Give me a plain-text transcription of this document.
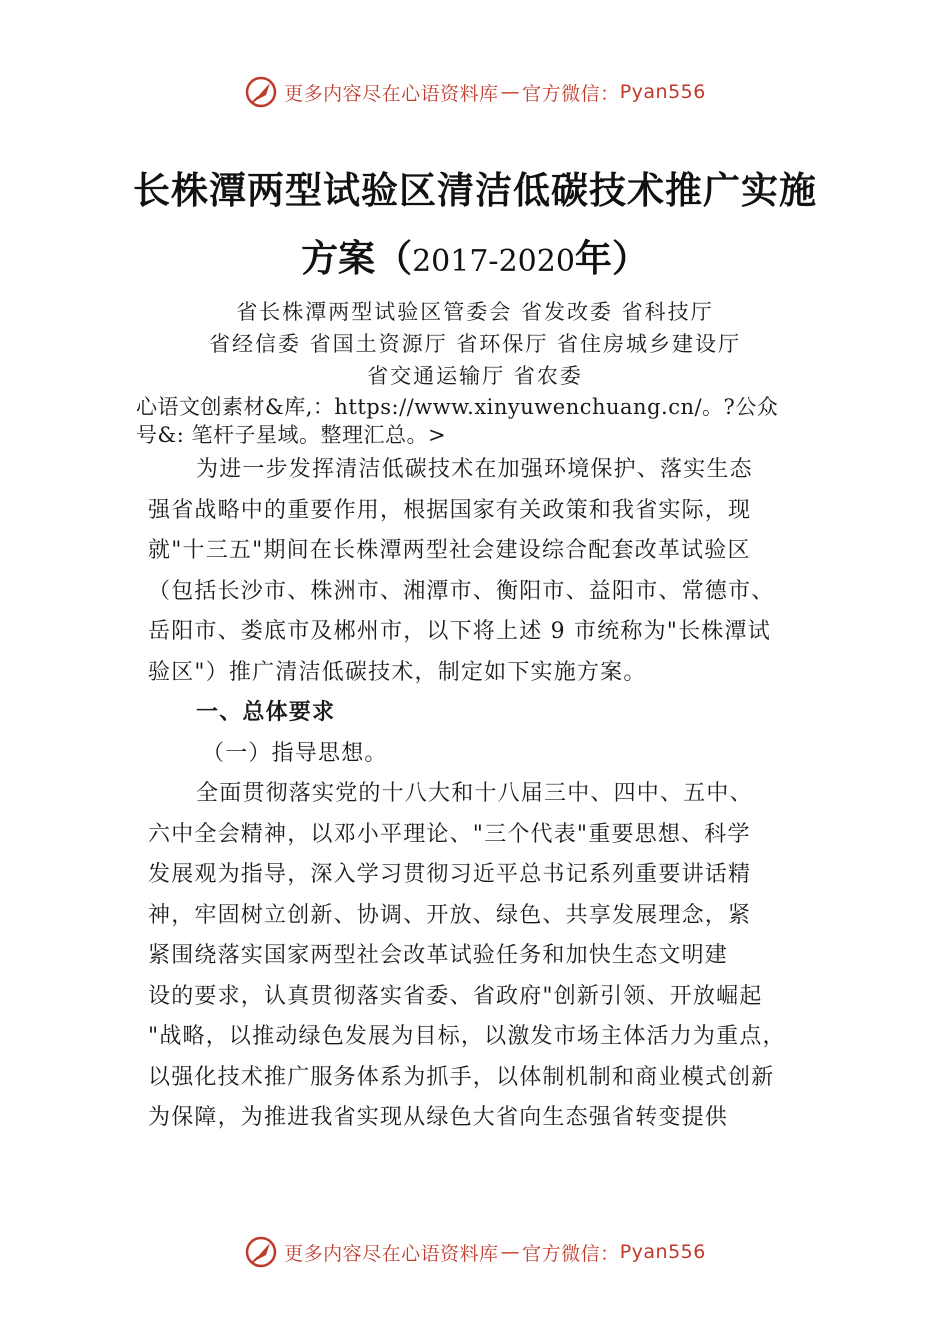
更多内容尽在心语资料库 — 官方微信： Pyan556
长株潭两型试验区清洁低碳技术推广实施
方案（2017-2020年）
省长株潭两型试验区管委会 省发改委 省科技厅
省经信委 省国土资源厅 省环保厅 省住房城乡建设厅
省交通运输厅 省农委
心语文创素材&库,：https://www.xinyuwenchuang.cn/。?公众
号&: 笔杆子星域。整理汇总。>
为进一步发挥清洁低碳技术在加强环境保护、落实生态
强省战略中的重要作用，根据国家有关政策和我省实际，现
就"十三五"期间在长株潭两型社会建设综合配套改革试验区
（包括长沙市、株洲市、湘潭市、衡阳市、益阳市、常德市、
岳阳市、娄底市及郴州市，以下将上述 9 市统称为"长株潭试
验区"）推广清洁低碳技术，制定如下实施方案。
一、总体要求
（一）指导思想。
全面贯彻落实党的十八大和十八届三中、四中、五中、
六中全会精神，以邓小平理论、"三个代表"重要思想、科学
发展观为指导，深入学习贯彻习近平总书记系列重要讲话精
神，牢固树立创新、协调、开放、绿色、共享发展理念，紧
紧围绕落实国家两型社会改革试验任务和加快生态文明建
设的要求，认真贯彻落实省委、省政府"创新引领、开放崛起
"战略，以推动绿色发展为目标，以激发市场主体活力为重点，
以强化技术推广服务体系为抓手，以体制机制和商业模式创新
为保障，为推进我省实现从绿色大省向生态强省转变提供
更多内容尽在心语资料库 — 官方微信： Pyan556
